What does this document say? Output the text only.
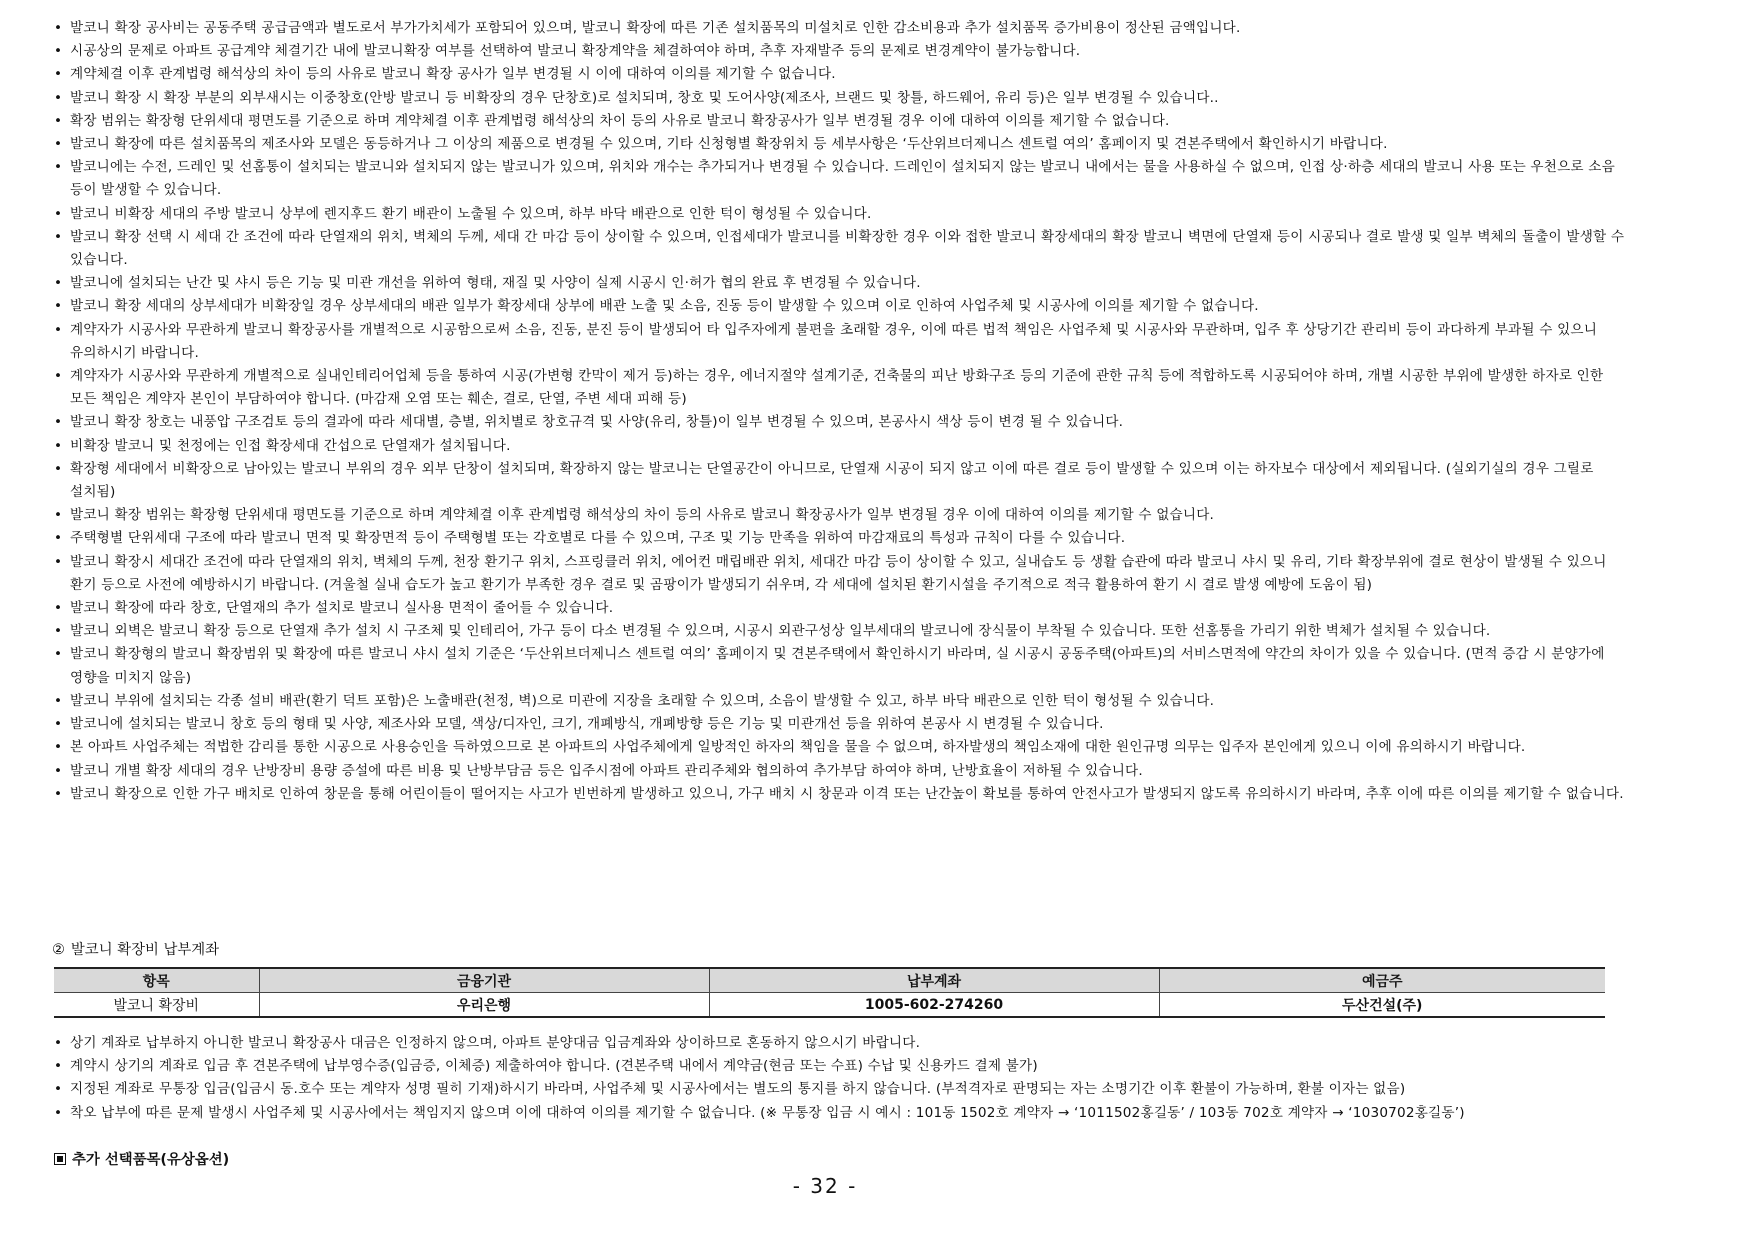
• 발코니 확장 공사비는 공동주택 공급금액과 별도로서 부가가치세가 포함되어 있으며, 발코니 확장에 따른 기존 설치품목의 미설치로 인한 감소비용과 추가 설치품목 증가비용이 정산된 금액입니다.
• 시공상의 문제로 아파트 공급계약 체결기간 내에 발코니확장 여부를 선택하여 발코니 확장계약을 체결하여야 하며, 추후 자재발주 등의 문제로 변경계약이 불가능합니다.
• 계약체결 이후 관계법령 해석상의 차이 등의 사유로 발코니 확장 공사가 일부 변경될 시 이에 대하여 이의를 제기할 수 없습니다.
• 발코니 확장 시 확장 부분의 외부새시는 이중창호(안방 발코니 등 비확장의 경우 단창호)로 설치되며, 창호 및 도어사양(제조사, 브랜드 및 창틀, 하드웨어, 유리 등)은 일부 변경될 수 있습니다..
• 확장 범위는 확장형 단위세대 평면도를 기준으로 하며 계약체결 이후 관계법령 해석상의 차이 등의 사유로 발코니 확장공사가 일부 변경될 경우 이에 대하여 이의를 제기할 수 없습니다.
• 발코니 확장에 따른 설치품목의 제조사와 모델은 동등하거나 그 이상의 제품으로 변경될 수 있으며, 기타 신청형별 확장위치 등 세부사항은 ‘두산위브더제니스 센트럴 여의’ 홈페이지 및 견본주택에서 확인하시기 바랍니다.
• 발코니에는 수전, 드레인 및 선홈통이 설치되는 발코니와 설치되지 않는 발코니가 있으며, 위치와 개수는 추가되거나 변경될 수 있습니다. 드레인이 설치되지 않는 발코니 내에서는 물을 사용하실 수 없으며, 인접 상·하층 세대의 발코니 사용 또는 우천으로 소음 등이 발생할 수 있습니다.
• 발코니 비확장 세대의 주방 발코니 상부에 렌지후드 환기 배관이 노출될 수 있으며, 하부 바닥 배관으로 인한 턱이 형성될 수 있습니다.
• 발코니 확장 선택 시 세대 간 조건에 따라 단열재의 위치, 벽체의 두께, 세대 간 마감 등이 상이할 수 있으며, 인접세대가 발코니를 비확장한 경우 이와 접한 발코니 확장세대의 확장 발코니 벽면에 단열재 등이 시공되나 결로 발생 및 일부 벽체의 돌출이 발생할 수 있습니다.
• 발코니에 설치되는 난간 및 샤시 등은 기능 및 미관 개선을 위하여 형태, 재질 및 사양이 실제 시공시 인·허가 협의 완료 후 변경될 수 있습니다.
• 발코니 확장 세대의 상부세대가 비확장일 경우 상부세대의 배관 일부가 확장세대 상부에 배관 노출 및 소음, 진동 등이 발생할 수 있으며 이로 인하여 사업주체 및 시공사에 이의를 제기할 수 없습니다.
• 계약자가 시공사와 무관하게 발코니 확장공사를 개별적으로 시공함으로써 소음, 진동, 분진 등이 발생되어 타 입주자에게 불편을 초래할 경우, 이에 따른 법적 책임은 사업주체 및 시공사와 무관하며, 입주 후 상당기간 관리비 등이 과다하게 부과될 수 있으니 유의하시기 바랍니다.
• 계약자가 시공사와 무관하게 개별적으로 실내인테리어업체 등을 통하여 시공(가변형 칸막이 제거 등)하는 경우, 에너지절약 설계기준, 건축물의 피난 방화구조 등의 기준에 관한 규칙 등에 적합하도록 시공되어야 하며, 개별 시공한 부위에 발생한 하자로 인한 모든 책임은 계약자 본인이 부담하여야 합니다. (마감재 오염 또는 훼손, 결로, 단열, 주변 세대 피해 등)
• 발코니 확장 창호는 내풍압 구조검토 등의 결과에 따라 세대별, 층별, 위치별로 창호규격 및 사양(유리, 창틀)이 일부 변경될 수 있으며, 본공사시 색상 등이 변경 될 수 있습니다.
• 비확장 발코니 및 천정에는 인접 확장세대 간섭으로 단열재가 설치됩니다.
• 확장형 세대에서 비확장으로 남아있는 발코니 부위의 경우 외부 단창이 설치되며, 확장하지 않는 발코니는 단열공간이 아니므로, 단열재 시공이 되지 않고 이에 따른 결로 등이 발생할 수 있으며 이는 하자보수 대상에서 제외됩니다. (실외기실의 경우 그릴로 설치됨)
• 발코니 확장 범위는 확장형 단위세대 평면도를 기준으로 하며 계약체결 이후 관계법령 해석상의 차이 등의 사유로 발코니 확장공사가 일부 변경될 경우 이에 대하여 이의를 제기할 수 없습니다.
• 주택형별 단위세대 구조에 따라 발코니 면적 및 확장면적 등이 주택형별 또는 각호별로 다를 수 있으며, 구조 및 기능 만족을 위하여 마감재료의 특성과 규칙이 다를 수 있습니다.
• 발코니 확장시 세대간 조건에 따라 단열재의 위치, 벽체의 두께, 천장 환기구 위치, 스프링클러 위치, 에어컨 매립배관 위치, 세대간 마감 등이 상이할 수 있고, 실내습도 등 생활 습관에 따라 발코니 샤시 및 유리, 기타 확장부위에 결로 현상이 발생될 수 있으니 환기 등으로 사전에 예방하시기 바랍니다. (겨울철 실내 습도가 높고 환기가 부족한 경우 결로 및 곰팡이가 발생되기 쉬우며, 각 세대에 설치된 환기시설을 주기적으로 적극 활용하여 환기 시 결로 발생 예방에 도움이 됨)
• 발코니 확장에 따라 창호, 단열재의 추가 설치로 발코니 실사용 면적이 줄어들 수 있습니다.
• 발코니 외벽은 발코니 확장 등으로 단열재 추가 설치 시 구조체 및 인테리어, 가구 등이 다소 변경될 수 있으며, 시공시 외관구성상 일부세대의 발코니에 장식물이 부착될 수 있습니다. 또한 선홈통을 가리기 위한 벽체가 설치될 수 있습니다.
• 발코니 확장형의 발코니 확장범위 및 확장에 따른 발코니 샤시 설치 기준은 ‘두산위브더제니스 센트럴 여의’ 홈페이지 및 견본주택에서 확인하시기 바라며, 실 시공시 공동주택(아파트)의 서비스면적에 약간의 차이가 있을 수 있습니다. (면적 증감 시 분양가에 영향을 미치지 않음)
• 발코니 부위에 설치되는 각종 설비 배관(환기 덕트 포함)은 노출배관(천정, 벽)으로 미관에 지장을 초래할 수 있으며, 소음이 발생할 수 있고, 하부 바닥 배관으로 인한 턱이 형성될 수 있습니다.
• 발코니에 설치되는 발코니 창호 등의 형태 및 사양, 제조사와 모델, 색상/디자인, 크기, 개폐방식, 개폐방향 등은 기능 및 미관개선 등을 위하여 본공사 시 변경될 수 있습니다.
• 본 아파트 사업주체는 적법한 감리를 통한 시공으로 사용승인을 득하였으므로 본 아파트의 사업주체에게 일방적인 하자의 책임을 물을 수 없으며, 하자발생의 책임소재에 대한 원인규명 의무는 입주자 본인에게 있으니 이에 유의하시기 바랍니다.
• 발코니 개별 확장 세대의 경우 난방장비 용량 증설에 따른 비용 및 난방부담금 등은 입주시점에 아파트 관리주체와 협의하여 추가부담 하여야 하며, 난방효율이 저하될 수 있습니다.
• 발코니 확장으로 인한 가구 배치로 인하여 창문을 통해 어린이들이 떨어지는 사고가 빈번하게 발생하고 있으니, 가구 배치 시 창문과 이격 또는 난간높이 확보를 통하여 안전사고가 발생되지 않도록 유의하시기 바라며, 추후 이에 따른 이의를 제기할 수 없습니다.
② 발코니 확장비 납부계좌
항목	금융기관	납부계좌	예금주
발코니 확장비	우리은행	1005-602-274260	두산건설(주)
• 상기 계좌로 납부하지 아니한 발코니 확장공사 대금은 인정하지 않으며, 아파트 분양대금 입금계좌와 상이하므로 혼동하지 않으시기 바랍니다.
• 계약시 상기의 계좌로 입금 후 견본주택에 납부영수증(입금증, 이체증) 제출하여야 합니다. (견본주택 내에서 계약금(현금 또는 수표) 수납 및 신용카드 결제 불가)
• 지정된 계좌로 무통장 입금(입금시 동.호수 또는 계약자 성명 필히 기재)하시기 바라며, 사업주체 및 시공사에서는 별도의 통지를 하지 않습니다. (부적격자로 판명되는 자는 소명기간 이후 환불이 가능하며, 환불 이자는 없음)
• 착오 납부에 따른 문제 발생시 사업주체 및 시공사에서는 책임지지 않으며 이에 대하여 이의를 제기할 수 없습니다. (※ 무통장 입금 시 예시 : 101동 1502호 계약자 → ‘1011502홍길동’ / 103동 702호 계약자 → ‘1030702홍길동’)
추가 선택품목(유상옵션)
- 32 -
